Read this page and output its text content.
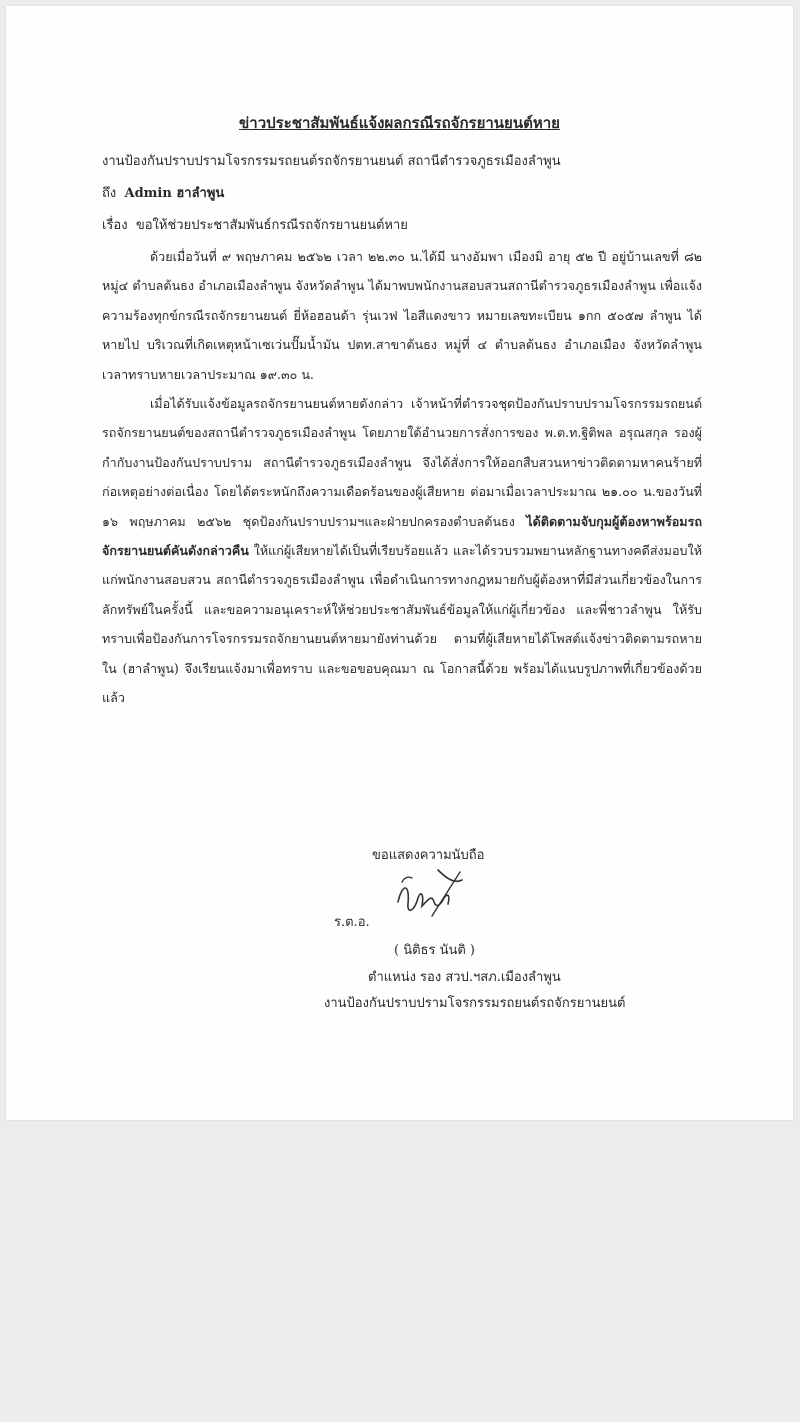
ข่าวประชาสัมพันธ์แจ้งผลกรณีรถจักรยานยนต์หาย
งานป้องกันปราบปรามโจรกรรมรถยนต์รถจักรยานยนต์ สถานีตำรวจภูธรเมืองลำพูน
ถึง Admin ฮาลำพูน
เรื่อง ขอให้ช่วยประชาสัมพันธ์กรณีรถจักรยานยนต์หาย

ด้วยเมื่อวันที่ ๙ พฤษภาคม ๒๕๖๒ เวลา ๒๒.๓๐ น.ได้มี นางอัมพา เมืองมิ อายุ ๕๒ ปี อยู่บ้านเลขที่ ๘๒ หมู่๔ ตำบลต้นธง อำเภอเมืองลำพูน จังหวัดลำพูน ได้มาพบพนักงานสอบสวนสถานีตำรวจภูธรเมืองลำพูน เพื่อแจ้งความร้องทุกข์กรณีรถจักรยานยนต์ ยี่ห้อฮอนด้า รุ่นเวฟ ไอสีแดงขาว หมายเลขทะเบียน ๑กก ๕๐๕๗ ลำพูน ได้หายไป บริเวณที่เกิดเหตุหน้าเซเว่นปั๊มน้ำมัน ปตท.สาขาต้นธง หมู่ที่ ๔ ตำบลต้นธง อำเภอเมือง จังหวัดลำพูน เวลาทราบหายเวลาประมาณ ๑๙.๓๐ น.

เมื่อได้รับแจ้งข้อมูลรถจักรยานยนต์หายดังกล่าว เจ้าหน้าที่ตำรวจชุดป้องกันปราบปรามโจรกรรมรถยนต์รถจักรยานยนต์ของสถานีตำรวจภูธรเมืองลำพูน โดยภายใต้อำนวยการสั่งการของ พ.ต.ท.ฐิติพล อรุณสกุล รองผู้กำกับงานป้องกันปราบปราม สถานีตำรวจภูธรเมืองลำพูน จึงได้สั่งการให้ออกสืบสวนหาข่าวติดตามหาคนร้ายที่ก่อเหตุอย่างต่อเนื่อง โดยได้ตระหนักถึงความเดือดร้อนของผู้เสียหาย ต่อมาเมื่อเวลาประมาณ ๒๑.๐๐ น.ของวันที่ ๑๖ พฤษภาคม ๒๕๖๒ ชุดป้องกันปราบปรามฯและฝ่ายปกครองตำบลต้นธง ได้ติดตามจับกุมผู้ต้องหาพร้อมรถจักรยานยนต์คันดังกล่าวคืน ให้แก่ผู้เสียหายได้เป็นที่เรียบร้อยแล้ว และได้รวบรวมพยานหลักฐานทางคดีส่งมอบให้แก่พนักงานสอบสวน สถานีตำรวจภูธรเมืองลำพูน เพื่อดำเนินการทางกฎหมายกับผู้ต้องหาที่มีส่วนเกี่ยวข้องในการลักทรัพย์ในครั้งนี้ และขอความอนุเคราะห์ให้ช่วยประชาสัมพันธ์ข้อมูลให้แก่ผู้เกี่ยวข้อง และพี่ชาวลำพูน ให้รับทราบเพื่อป้องกันการโจรกรรมรถจักยานยนต์หายมายังท่านด้วย ตามที่ผู้เสียหายได้โพสต์แจ้งข่าวติดตามรถหายใน (ฮาลำพูน) จึงเรียนแจ้งมาเพื่อทราบ และขอขอบคุณมา ณ โอกาสนี้ด้วย พร้อมได้แนบรูปภาพที่เกี่ยวข้องด้วยแล้ว

ขอแสดงความนับถือ
ร.ต.อ.
( นิติธร นันติ )
ตำแหน่ง รอง สวป.ฯสภ.เมืองลำพูน
งานป้องกันปราบปรามโจรกรรมรถยนต์รถจักรยานยนต์
